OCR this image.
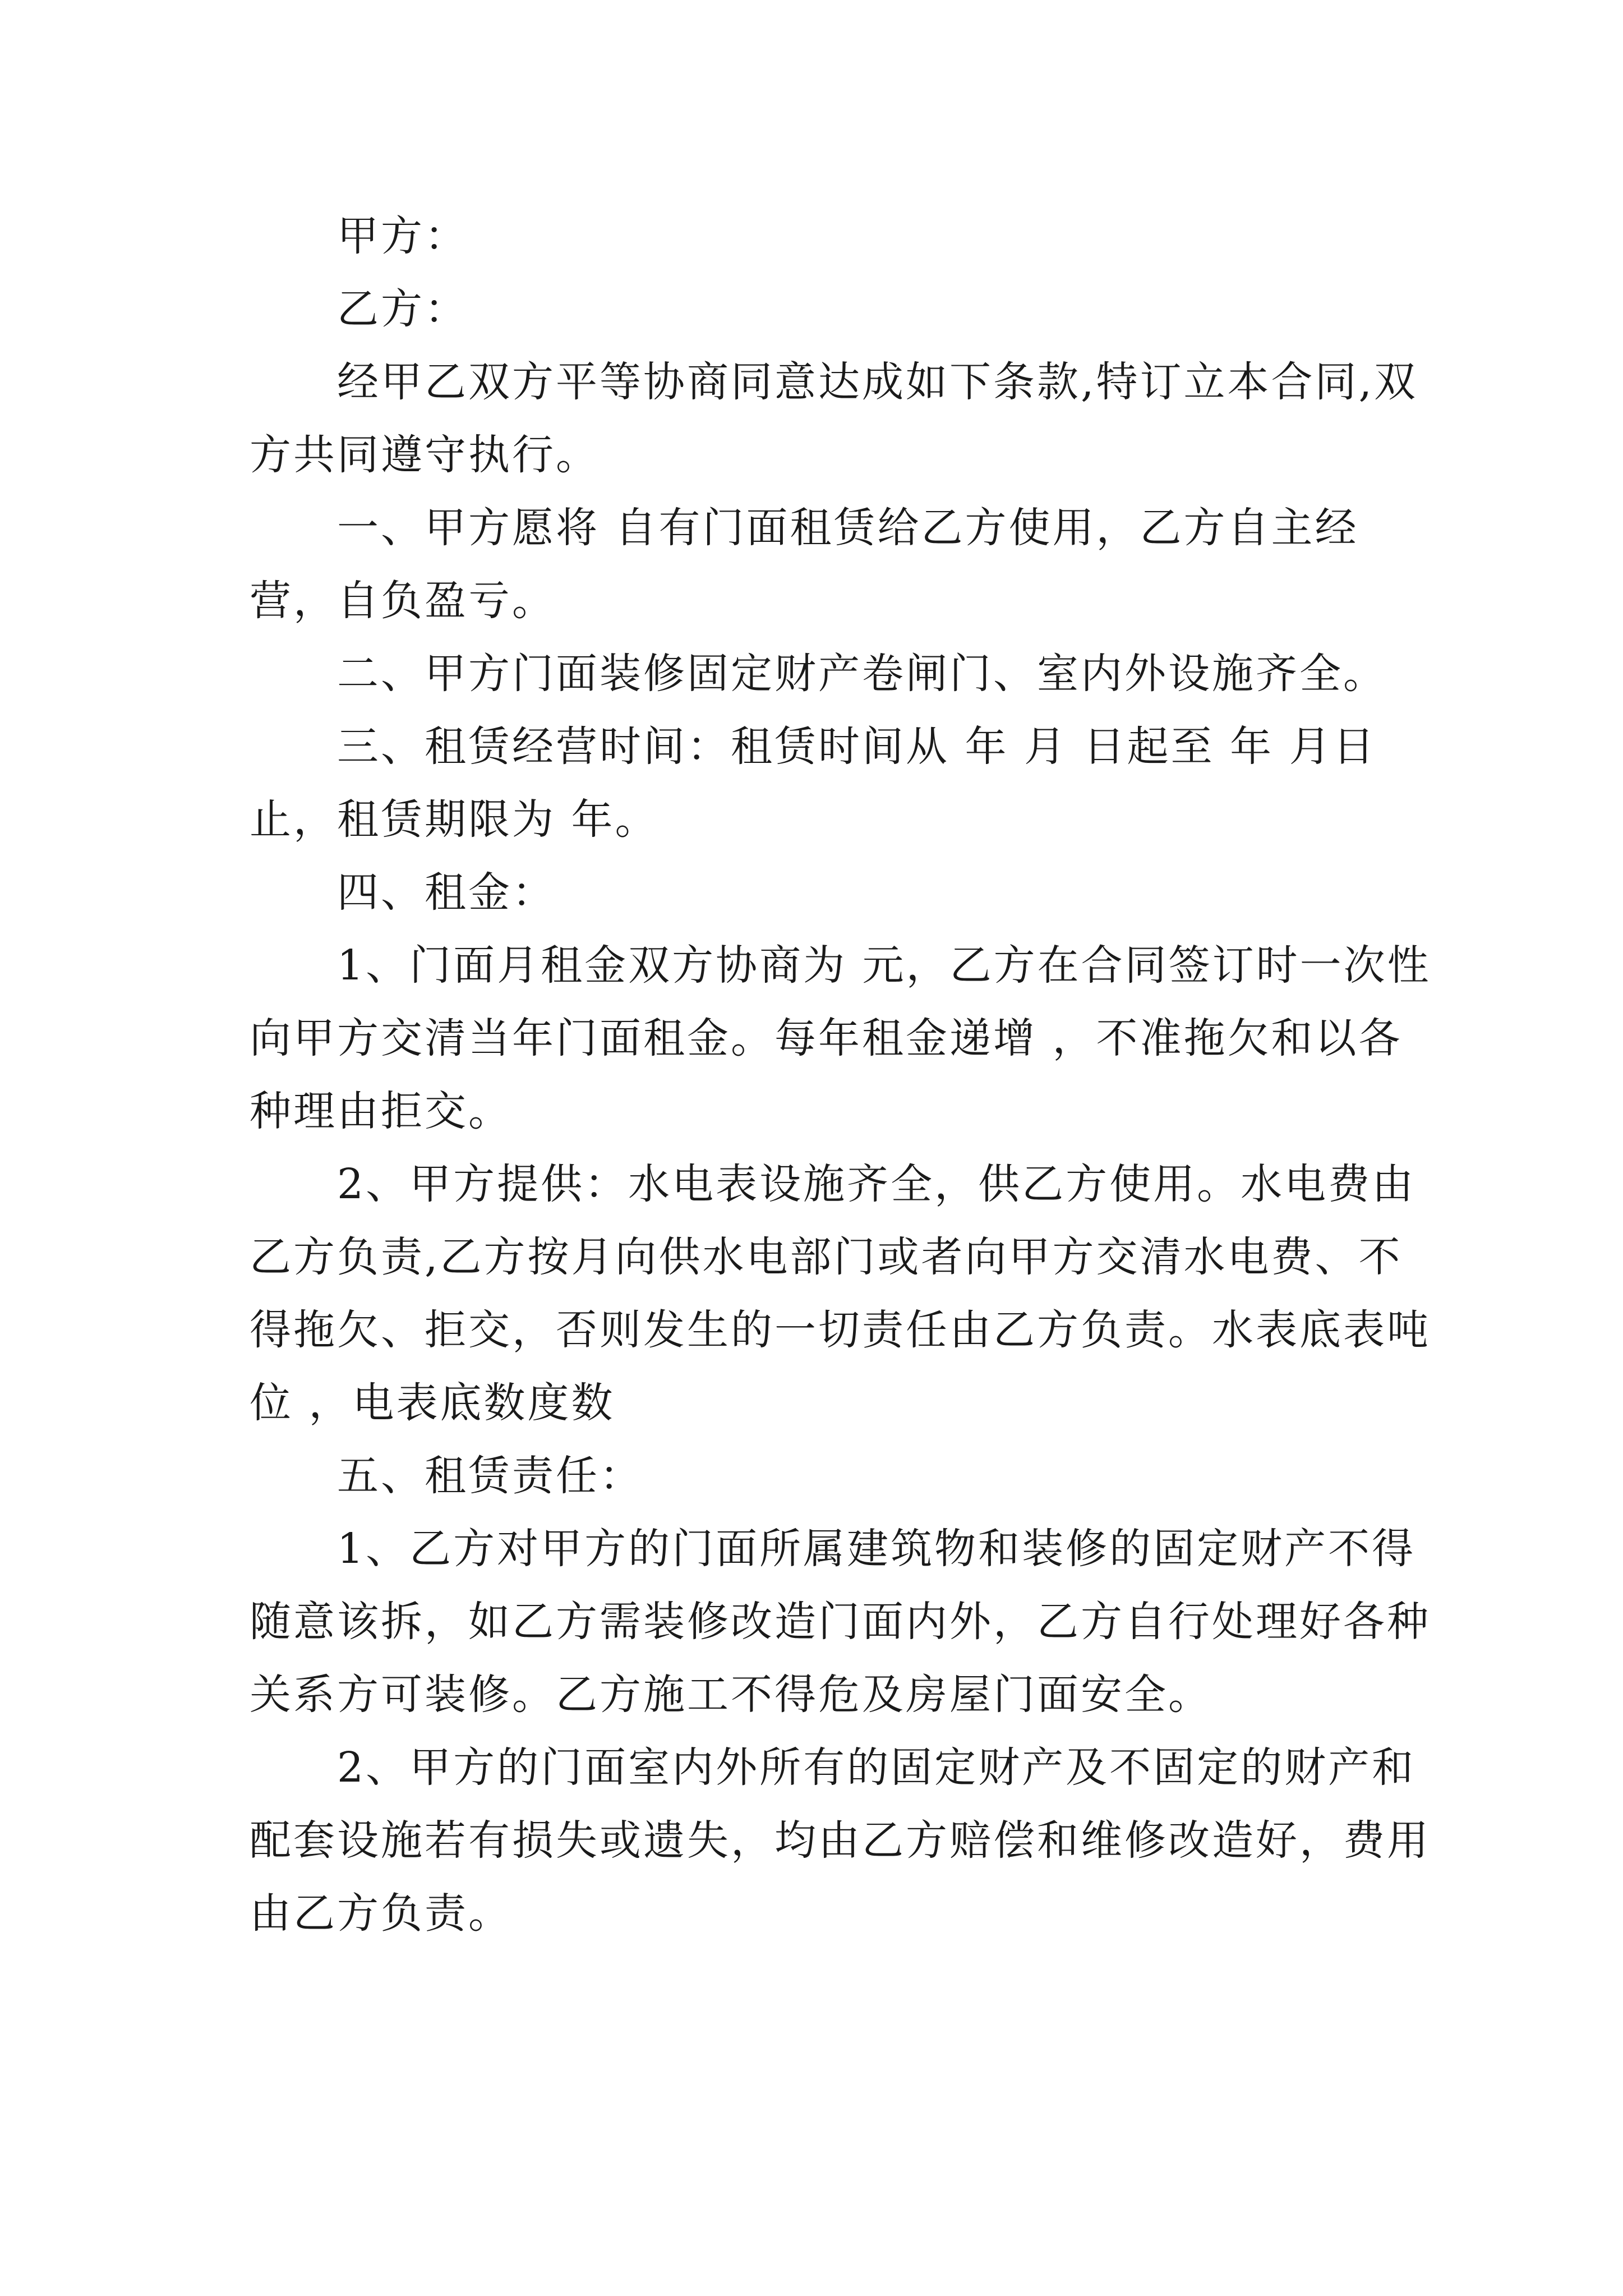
甲方：

乙方：

经甲乙双方平等协商同意达成如下条款,特订立本合同,双方共同遵守执行。

一、甲方愿将 自有门面租赁给乙方使用，乙方自主经营，自负盈亏。

二、甲方门面装修固定财产卷闸门、室内外设施齐全。

三、租赁经营时间：租赁时间从 年 月 日起至 年 月日止，租赁期限为 年。

四、租金：

1、门面月租金双方协商为 元，乙方在合同签订时一次性向甲方交清当年门面租金。每年租金递增 ，不准拖欠和以各种理由拒交。

2、甲方提供：水电表设施齐全，供乙方使用。水电费由乙方负责,乙方按月向供水电部门或者向甲方交清水电费、不得拖欠、拒交，否则发生的一切责任由乙方负责。水表底表吨位 ，电表底数度数

五、租赁责任：

1、乙方对甲方的门面所属建筑物和装修的固定财产不得随意该拆，如乙方需装修改造门面内外，乙方自行处理好各种关系方可装修。乙方施工不得危及房屋门面安全。

2、甲方的门面室内外所有的固定财产及不固定的财产和配套设施若有损失或遗失，均由乙方赔偿和维修改造好，费用由乙方负责。
